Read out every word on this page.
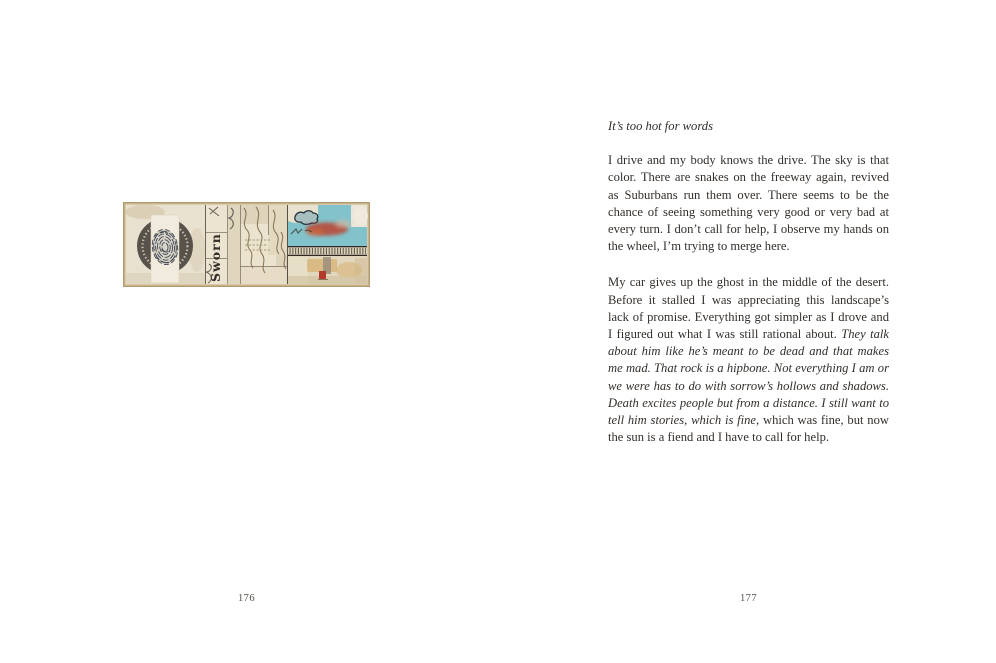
Sworn
176

It’s too hot for words

I drive and my body knows the drive. The sky is that color. There are snakes on the freeway again, revived as Suburbans run them over. There seems to be the chance of seeing something very good or very bad at every turn. I don’t call for help, I observe my hands on the wheel, I’m trying to merge here.

My car gives up the ghost in the middle of the desert. Before it stalled I was appreciating this landscape’s lack of promise. Everything got simpler as I drove and I figured out what I was still rational about. They talk about him like he’s meant to be dead and that makes me mad. That rock is a hipbone. Not everything I am or we were has to do with sorrow’s hollows and shadows. Death excites people but from a distance. I still want to tell him stories, which is fine, which was fine, but now the sun is a fiend and I have to call for help.

177
